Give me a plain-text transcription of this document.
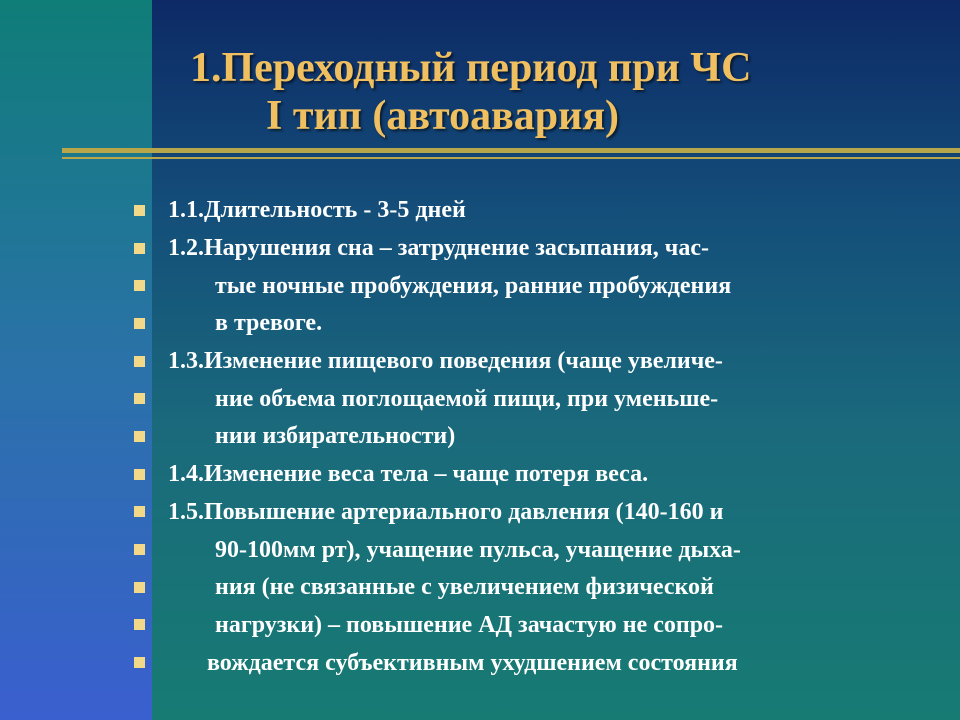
1.Переходный период при ЧС
I тип (автоавария)
1.1.Длительность - 3-5 дней
1.2.Нарушения сна – затруднение засыпания, час-
тые ночные пробуждения, ранние пробуждения
в тревоге.
1.3.Изменение пищевого поведения (чаще увеличе-
ние объема поглощаемой пищи, при уменьше-
нии избирательности)
1.4.Изменение веса тела – чаще потеря веса.
1.5.Повышение артериального давления (140-160 и
90-100мм рт), учащение пульса, учащение дыха-
ния (не связанные с увеличением физической
нагрузки) – повышение АД зачастую не сопро-
вождается субъективным ухудшением состояния
